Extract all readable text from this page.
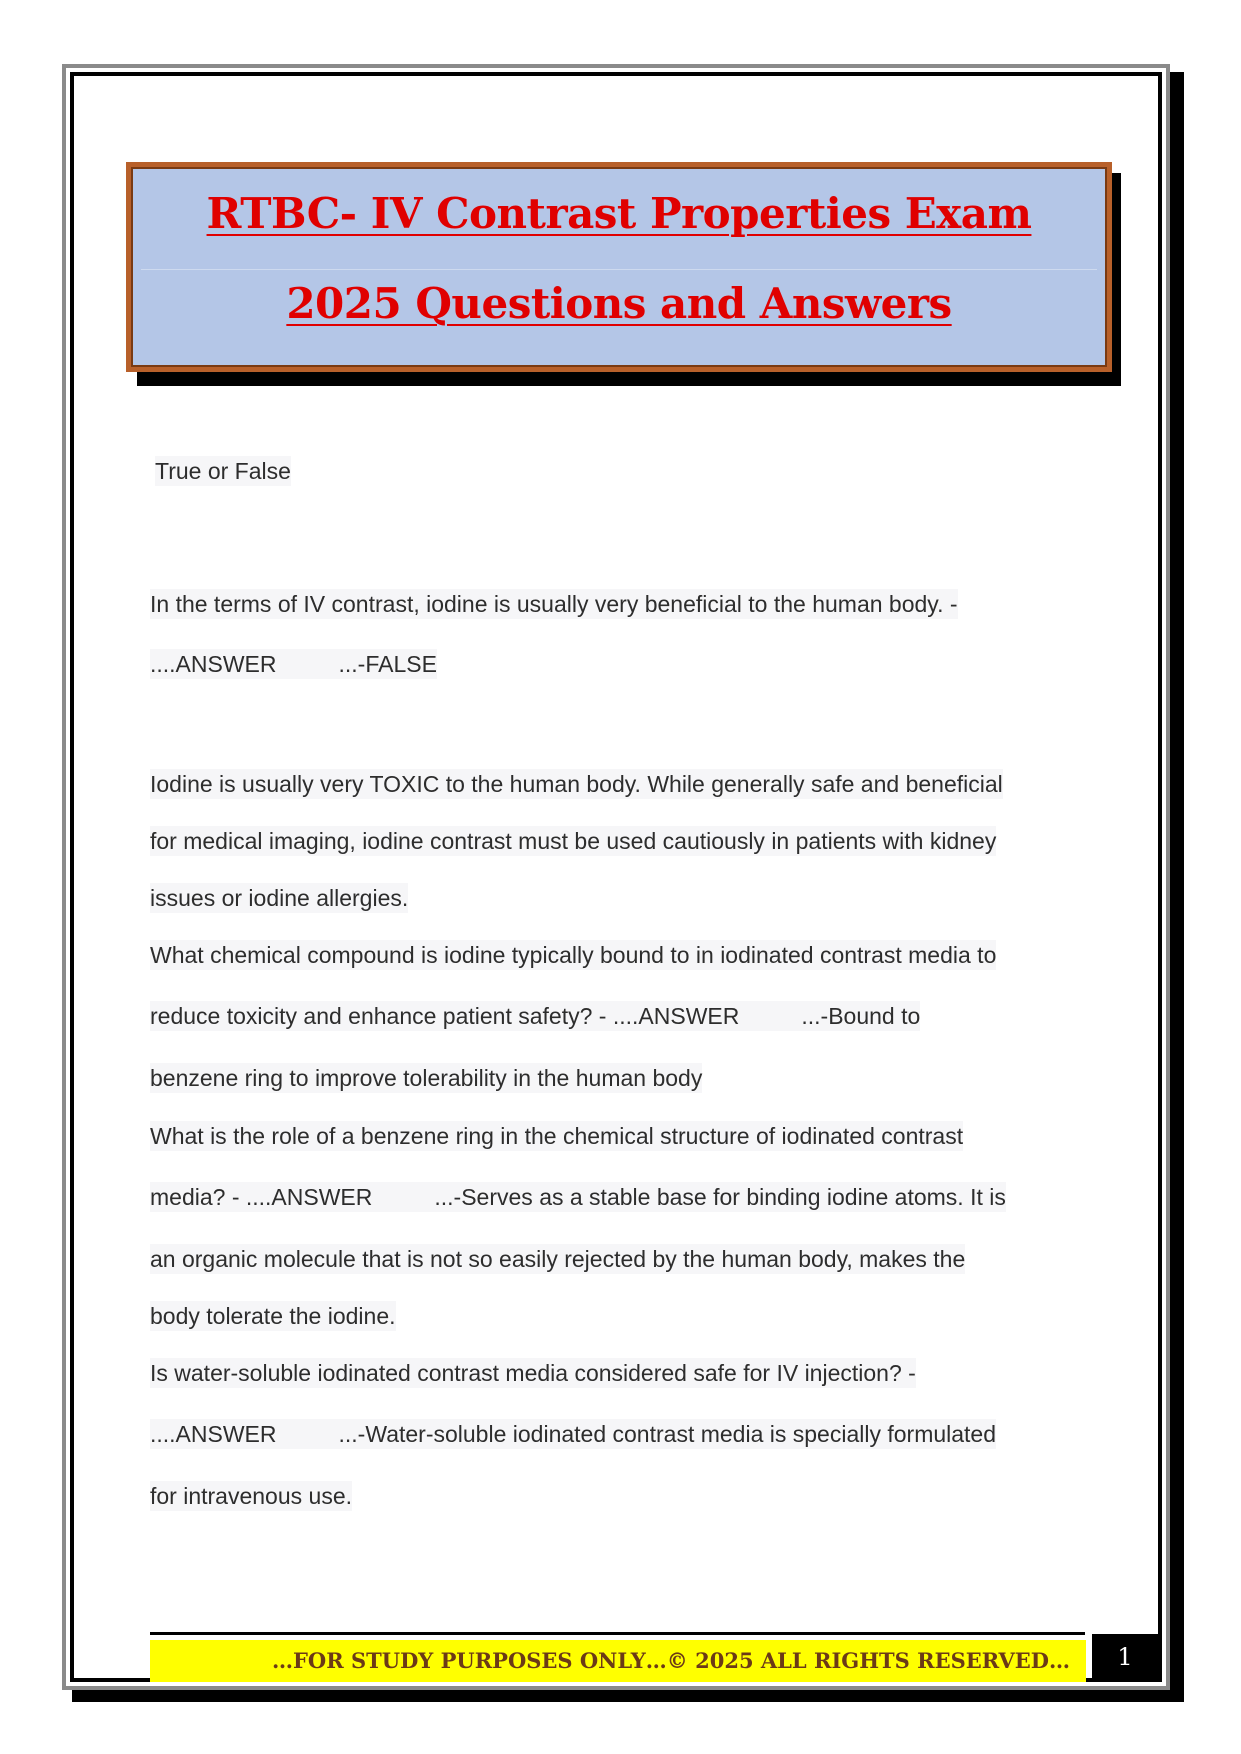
RTBC- IV Contrast Properties Exam
2025 Questions and Answers
True or False
In the terms of IV contrast, iodine is usually very beneficial to the human body. -
....ANSWER	...-FALSE
Iodine is usually very TOXIC to the human body. While generally safe and beneficial
for medical imaging, iodine contrast must be used cautiously in patients with kidney
issues or iodine allergies.
What chemical compound is iodine typically bound to in iodinated contrast media to
reduce toxicity and enhance patient safety? - ....ANSWER	...-Bound to
benzene ring to improve tolerability in the human body
What is the role of a benzene ring in the chemical structure of iodinated contrast
media? - ....ANSWER	...-Serves as a stable base for binding iodine atoms. It is
an organic molecule that is not so easily rejected by the human body, makes the
body tolerate the iodine.
Is water-soluble iodinated contrast media considered safe for IV injection? -
....ANSWER	...-Water-soluble iodinated contrast media is specially formulated
for intravenous use.
…FOR STUDY PURPOSES ONLY…© 2025 ALL RIGHTS RESERVED…	1
